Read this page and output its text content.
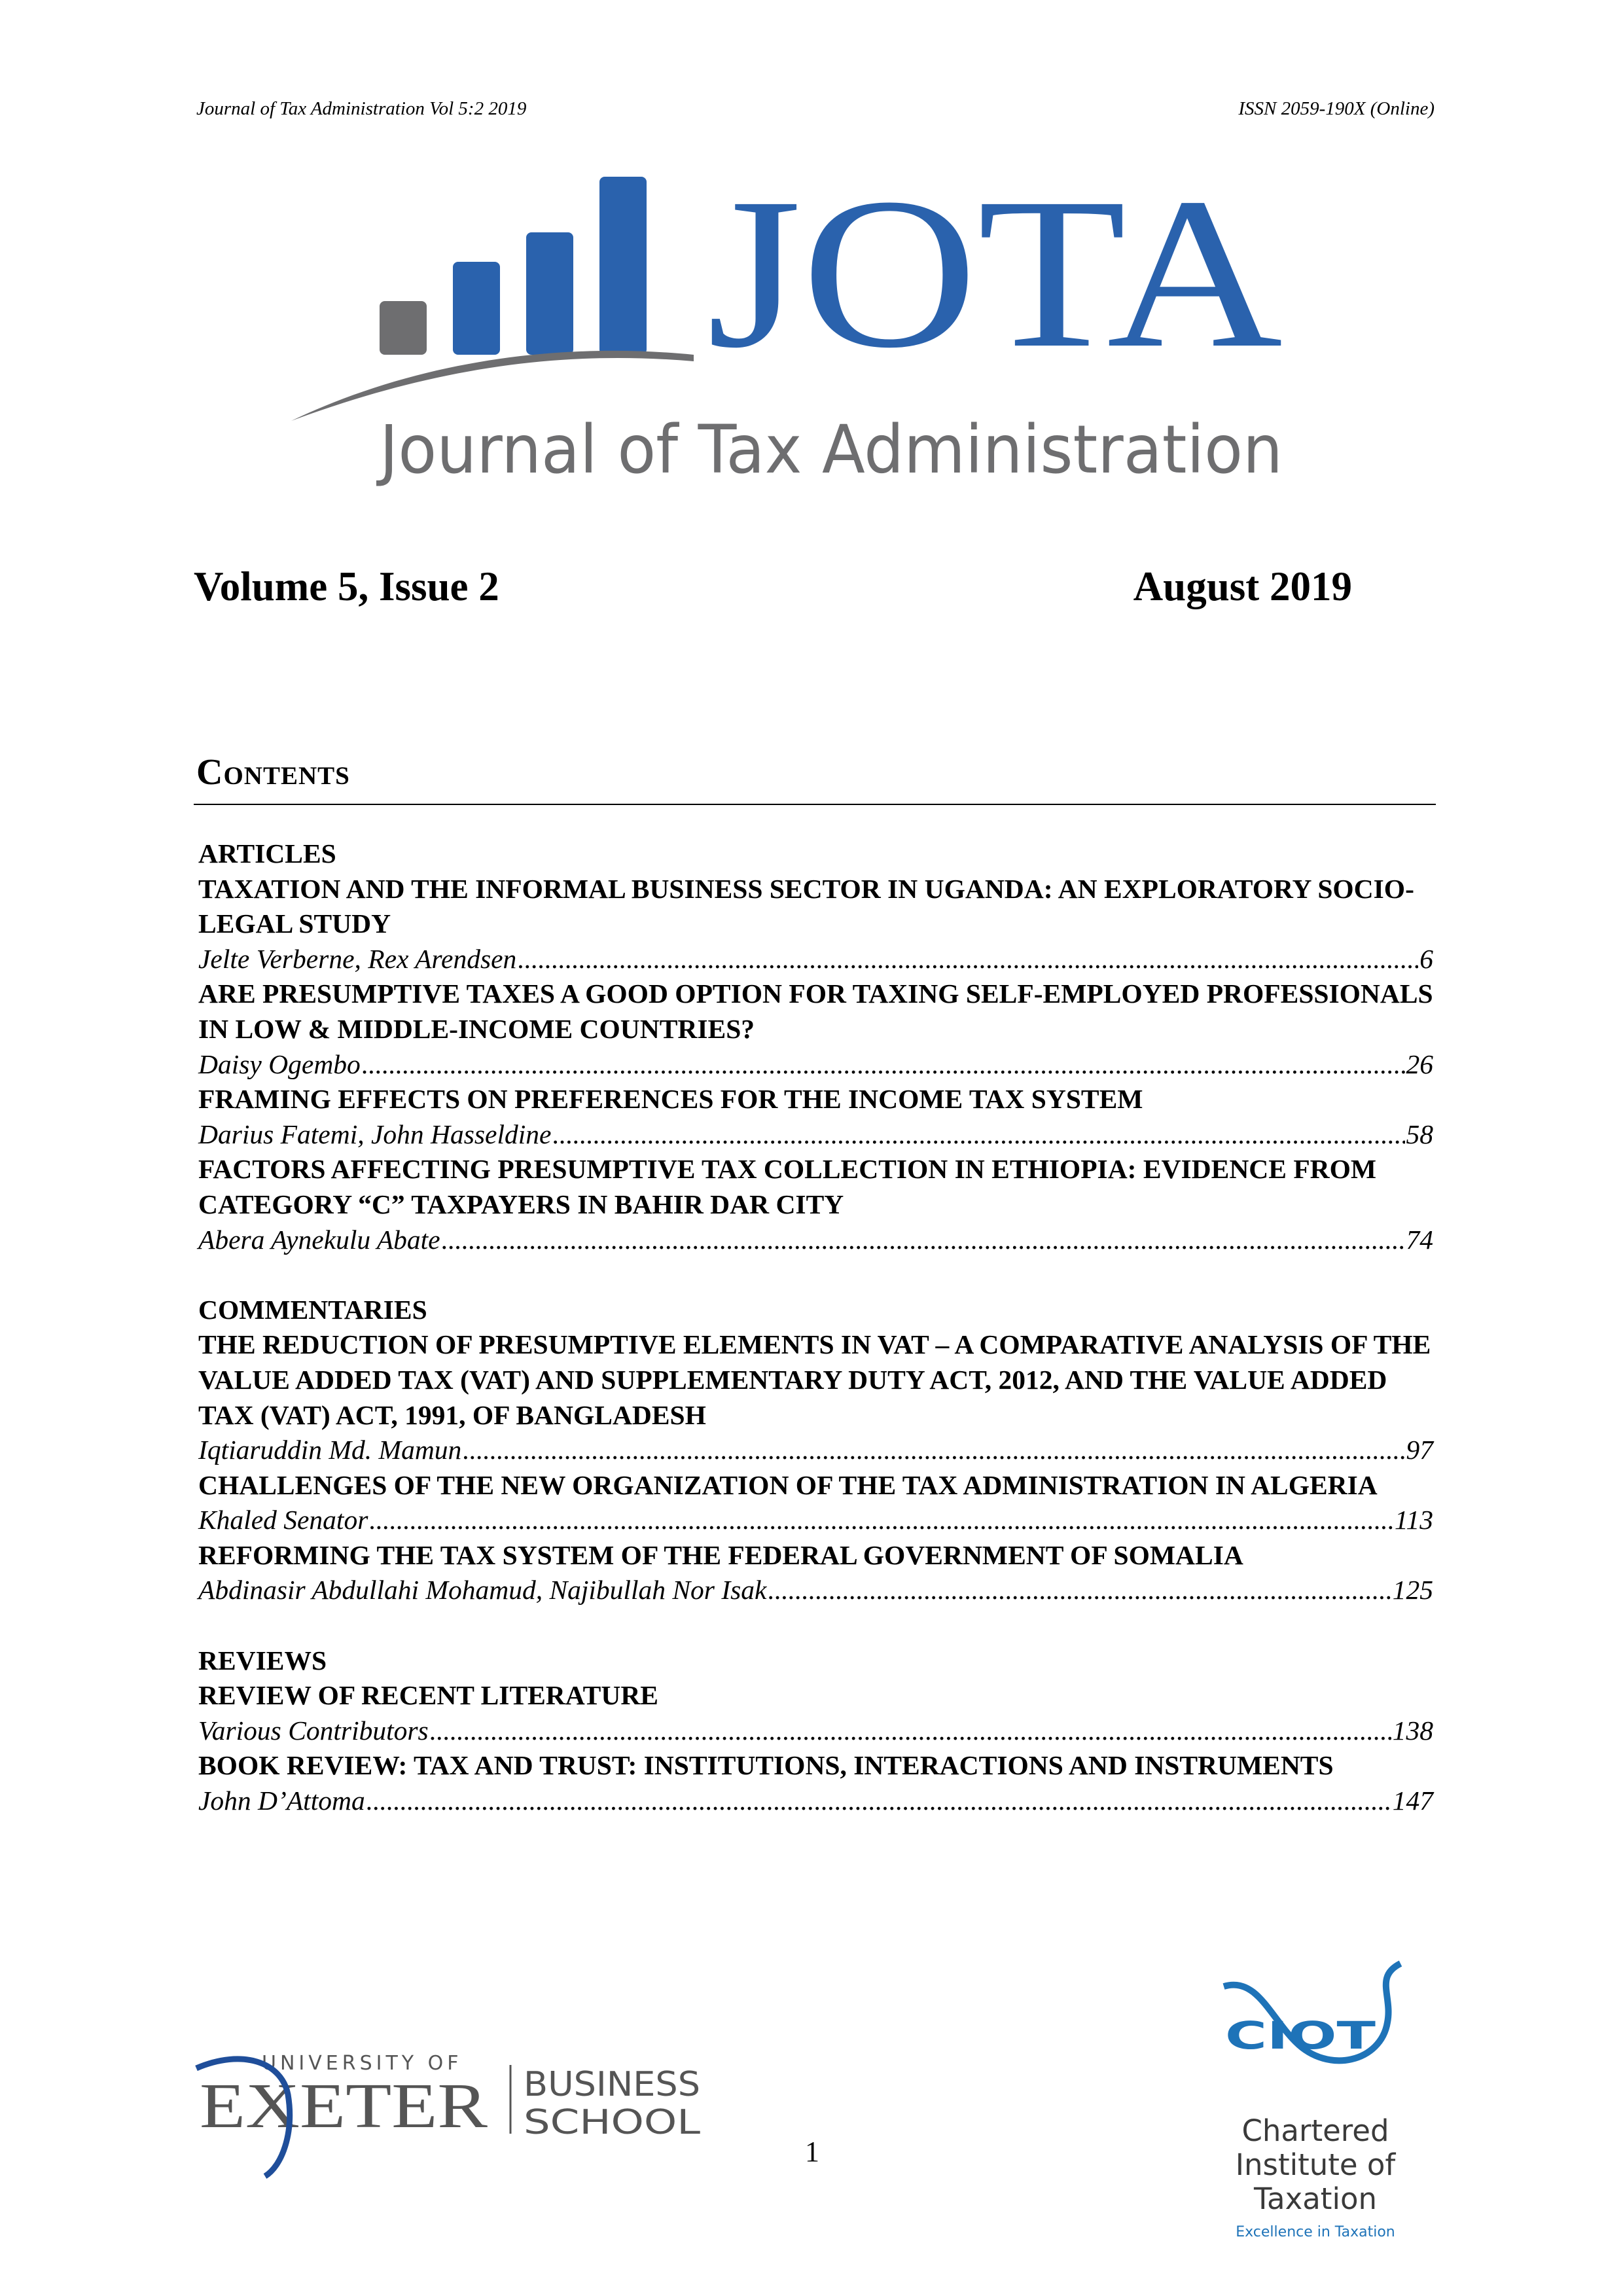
Journal of Tax Administration Vol 5:2 2019	ISSN 2059-190X (Online)
JOTA
Journal of Tax Administration
Volume 5, Issue 2	August 2019
Contents
ARTICLES
TAXATION AND THE INFORMAL BUSINESS SECTOR IN UGANDA: AN EXPLORATORY SOCIO-LEGAL STUDY
Jelte Verberne, Rex Arendsen .....	6
ARE PRESUMPTIVE TAXES A GOOD OPTION FOR TAXING SELF-EMPLOYED PROFESSIONALS IN LOW & MIDDLE-INCOME COUNTRIES?
Daisy Ogembo .....	26
FRAMING EFFECTS ON PREFERENCES FOR THE INCOME TAX SYSTEM
Darius Fatemi, John Hasseldine .....	58
FACTORS AFFECTING PRESUMPTIVE TAX COLLECTION IN ETHIOPIA: EVIDENCE FROM CATEGORY “C” TAXPAYERS IN BAHIR DAR CITY
Abera Aynekulu Abate .....	74
COMMENTARIES
THE REDUCTION OF PRESUMPTIVE ELEMENTS IN VAT – A COMPARATIVE ANALYSIS OF THE VALUE ADDED TAX (VAT) AND SUPPLEMENTARY DUTY ACT, 2012, AND THE VALUE ADDED TAX (VAT) ACT, 1991, OF BANGLADESH
Iqtiaruddin Md. Mamun .....	97
CHALLENGES OF THE NEW ORGANIZATION OF THE TAX ADMINISTRATION IN ALGERIA
Khaled Senator .....	113
REFORMING THE TAX SYSTEM OF THE FEDERAL GOVERNMENT OF SOMALIA
Abdinasir Abdullahi Mohamud, Najibullah Nor Isak .....	125
REVIEWS
REVIEW OF RECENT LITERATURE
Various Contributors .....	138
BOOK REVIEW: TAX AND TRUST: INSTITUTIONS, INTERACTIONS AND INSTRUMENTS
John D’Attoma .....	147
UNIVERSITY OF
EXETER BUSINESS
SCHOOL
1
CIOT
Chartered
Institute of
Taxation
Excellence in Taxation
